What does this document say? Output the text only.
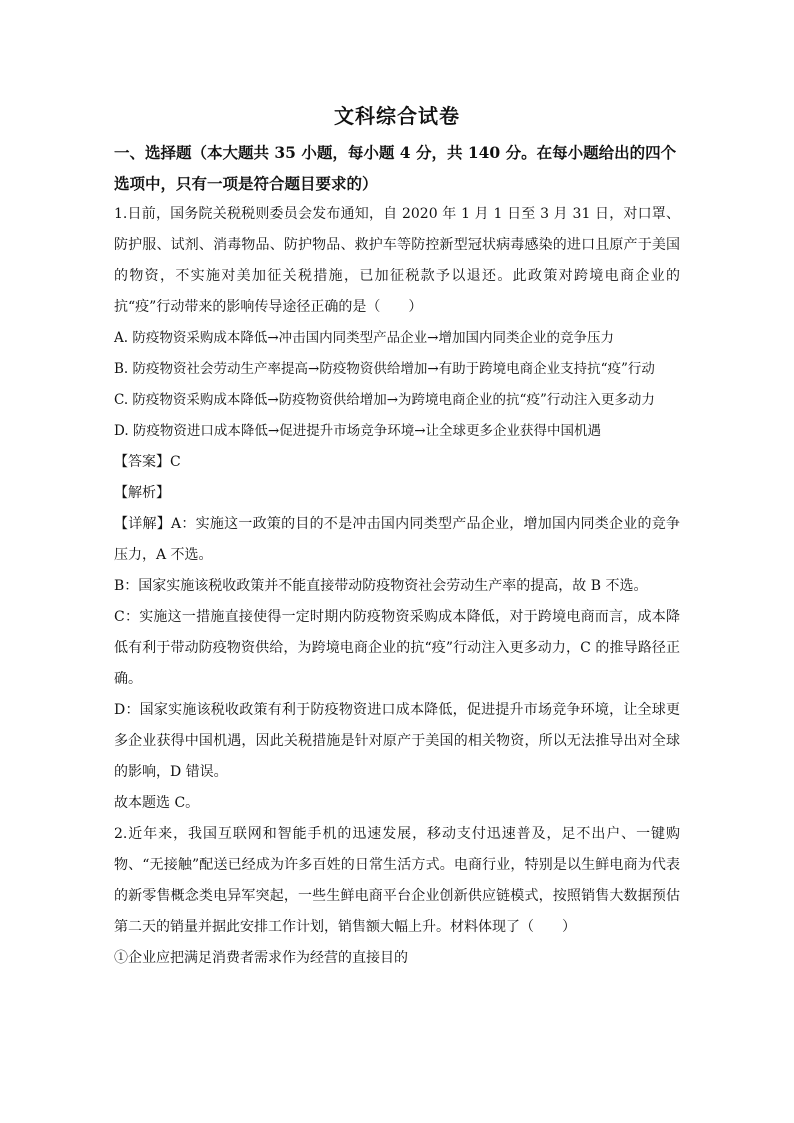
文科综合试卷
一、选择题（本大题共 35 小题，每小题 4 分，共 140 分。在每小题给出的四个选项中，只有一项是符合题目要求的）

1.日前，国务院关税税则委员会发布通知，自 2020 年 1 月 1 日至 3 月 31 日，对口罩、防护服、试剂、消毒物品、防护物品、救护车等防控新型冠状病毒感染的进口且原产于美国的物资，不实施对美加征关税措施，已加征税款予以退还。此政策对跨境电商企业的抗“疫”行动带来的影响传导途径正确的是（　　）

A. 防疫物资采购成本降低→冲击国内同类型产品企业→增加国内同类企业的竞争压力

B. 防疫物资社会劳动生产率提高→防疫物资供给增加→有助于跨境电商企业支持抗“疫”行动

C. 防疫物资采购成本降低→防疫物资供给增加→为跨境电商企业的抗“疫”行动注入更多动力

D. 防疫物资进口成本降低→促进提升市场竞争环境→让全球更多企业获得中国机遇

【答案】C

【解析】

【详解】A：实施这一政策的目的不是冲击国内同类型产品企业，增加国内同类企业的竞争压力，A 不选。

B：国家实施该税收政策并不能直接带动防疫物资社会劳动生产率的提高，故 B 不选。

C：实施这一措施直接使得一定时期内防疫物资采购成本降低，对于跨境电商而言，成本降低有利于带动防疫物资供给，为跨境电商企业的抗“疫”行动注入更多动力，C 的推导路径正确。

D：国家实施该税收政策有利于防疫物资进口成本降低，促进提升市场竞争环境，让全球更多企业获得中国机遇，因此关税措施是针对原产于美国的相关物资，所以无法推导出对全球的影响，D 错误。

故本题选 C。

2.近年来，我国互联网和智能手机的迅速发展，移动支付迅速普及，足不出户、一键购物、“无接触”配送已经成为许多百姓的日常生活方式。电商行业，特别是以生鲜电商为代表的新零售概念类电异军突起，一些生鲜电商平台企业创新供应链模式，按照销售大数据预估第二天的销量并据此安排工作计划，销售额大幅上升。材料体现了（　　）

①企业应把满足消费者需求作为经营的直接目的
